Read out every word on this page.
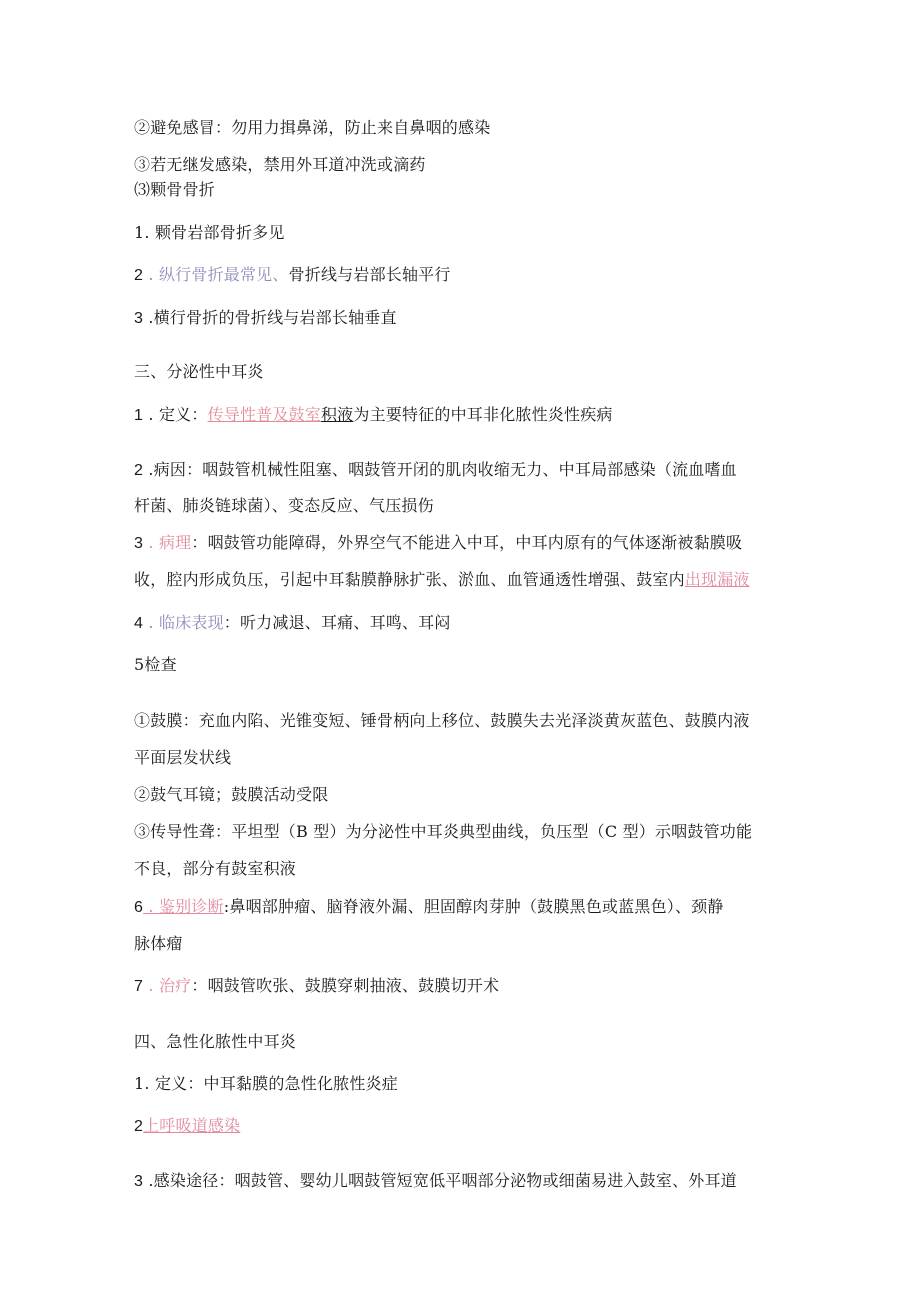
②避免感冒：勿用力揖鼻涕，防止来自鼻咽的感染
③若无继发感染，禁用外耳道冲洗或滴药
⑶颗骨骨折
1. 颗骨岩部骨折多见
2 . 纵行骨折最常见、骨折线与岩部长轴平行
3 .横行骨折的骨折线与岩部长轴垂直
三、分泌性中耳炎
1 . 定义：传导性普及鼓室积液为主要特征的中耳非化脓性炎性疾病
2 .病因：咽鼓管机械性阻塞、咽鼓管开闭的肌肉收缩无力、中耳局部感染（流血嗜血
杆菌、肺炎链球菌）、变态反应、气压损伤
3 . 病理：咽鼓管功能障碍，外界空气不能进入中耳，中耳内原有的气体逐渐被黏膜吸
收，腔内形成负压，引起中耳黏膜静脉扩张、淤血、血管通透性增强、鼓室内出现漏液
4 . 临床表现：听力减退、耳痛、耳鸣、耳闷
5检查
①鼓膜：充血内陷、光锥变短、锤骨柄向上移位、鼓膜失去光泽淡黄灰蓝色、鼓膜内液
平面层发状线
②鼓气耳镜；鼓膜活动受限
③传导性聋：平坦型（B 型）为分泌性中耳炎典型曲线，负压型（C 型）示咽鼓管功能
不良，部分有鼓室积液
6 . 鉴别诊断:鼻咽部肿瘤、脑脊液外漏、胆固醇肉芽肿（鼓膜黑色或蓝黑色）、颈静
脉体瘤
7 . 治疗：咽鼓管吹张、鼓膜穿刺抽液、鼓膜切开术
四、急性化脓性中耳炎
1. 定义：中耳黏膜的急性化脓性炎症
2上呼吸道感染
3 .感染途径：咽鼓管、婴幼儿咽鼓管短宽低平咽部分泌物或细菌易进入鼓室、外耳道
